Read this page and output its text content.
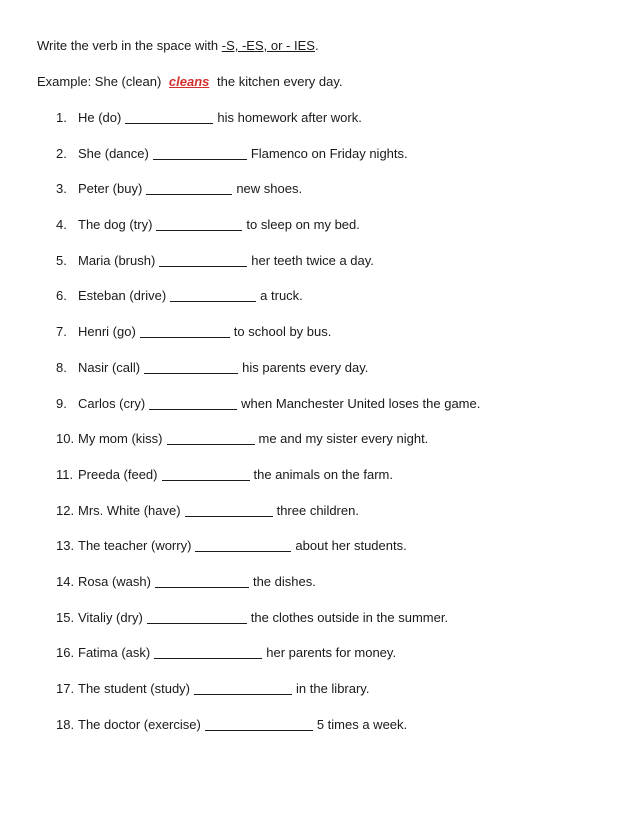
Write the verb in the space with -S, -ES, or - IES.
Example: She (clean) cleans the kitchen every day.
1. He (do)	his homework after work.
2. She (dance)	Flamenco on Friday nights.
3. Peter (buy)	new shoes.
4. The dog (try)	to sleep on my bed.
5. Maria (brush)	her teeth twice a day.
6. Esteban (drive)	a truck.
7. Henri (go)	to school by bus.
8. Nasir (call)	his parents every day.
9. Carlos (cry)	when Manchester United loses the game.
10. My mom (kiss)	me and my sister every night.
11. Preeda (feed)	the animals on the farm.
12. Mrs. White (have)	three children.
13. The teacher (worry)	about her students.
14. Rosa (wash)	the dishes.
15. Vitaliy (dry)	the clothes outside in the summer.
16. Fatima (ask)	her parents for money.
17. The student (study)	in the library.
18. The doctor (exercise)	5 times a week.
